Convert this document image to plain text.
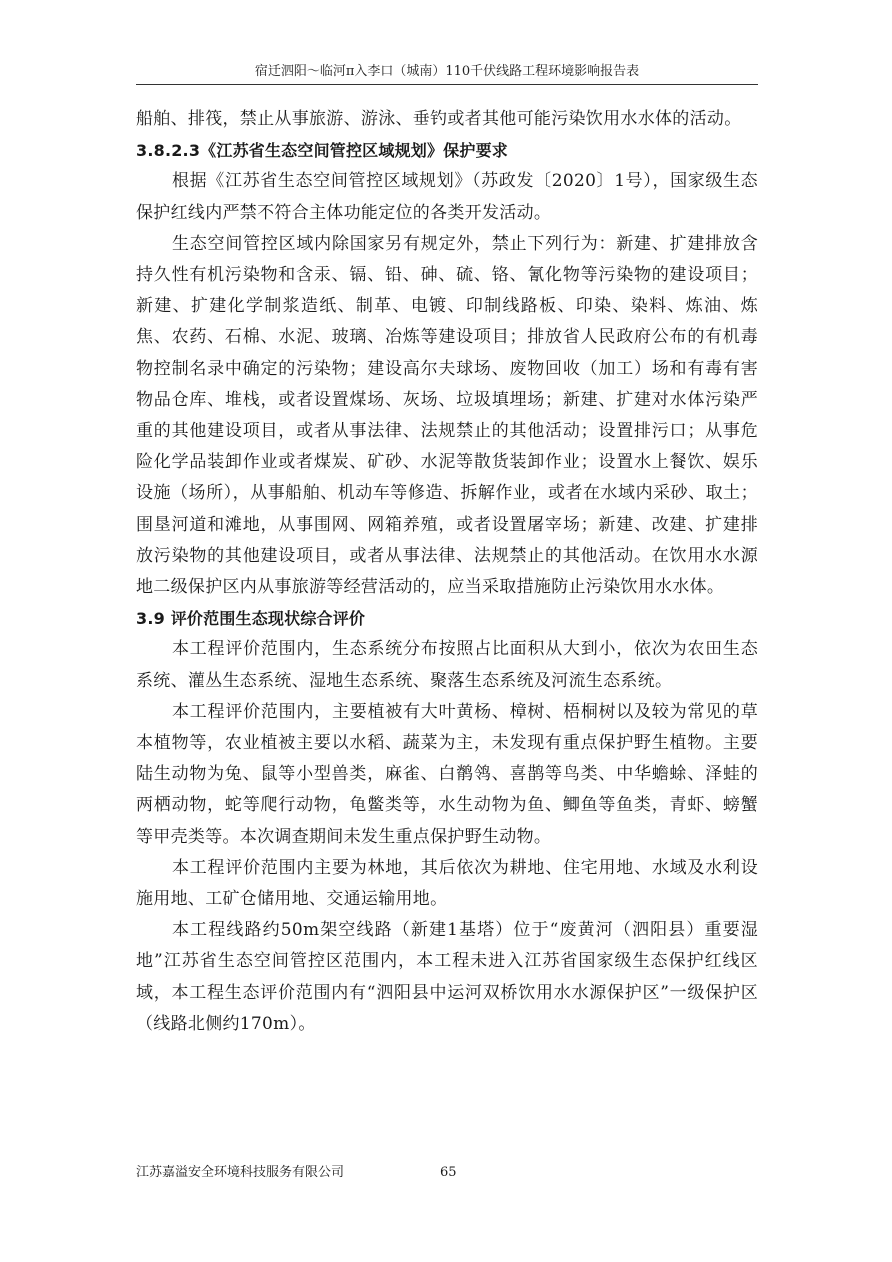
宿迁泗阳～临河π入李口（城南）110千伏线路工程环境影响报告表

船舶、排筏，禁止从事旅游、游泳、垂钓或者其他可能污染饮用水水体的活动。

3.8.2.3《江苏省生态空间管控区域规划》保护要求

根据《江苏省生态空间管控区域规划》（苏政发〔2020〕1号），国家级生态保护红线内严禁不符合主体功能定位的各类开发活动。

生态空间管控区域内除国家另有规定外，禁止下列行为：新建、扩建排放含持久性有机污染物和含汞、镉、铅、砷、硫、铬、氰化物等污染物的建设项目；新建、扩建化学制浆造纸、制革、电镀、印制线路板、印染、染料、炼油、炼焦、农药、石棉、水泥、玻璃、冶炼等建设项目；排放省人民政府公布的有机毒物控制名录中确定的污染物；建设高尔夫球场、废物回收（加工）场和有毒有害物品仓库、堆栈，或者设置煤场、灰场、垃圾填埋场；新建、扩建对水体污染严重的其他建设项目，或者从事法律、法规禁止的其他活动；设置排污口；从事危险化学品装卸作业或者煤炭、矿砂、水泥等散货装卸作业；设置水上餐饮、娱乐设施（场所），从事船舶、机动车等修造、拆解作业，或者在水域内采砂、取土；围垦河道和滩地，从事围网、网箱养殖，或者设置屠宰场；新建、改建、扩建排放污染物的其他建设项目，或者从事法律、法规禁止的其他活动。在饮用水水源地二级保护区内从事旅游等经营活动的，应当采取措施防止污染饮用水水体。

3.9 评价范围生态现状综合评价

本工程评价范围内，生态系统分布按照占比面积从大到小，依次为农田生态系统、灌丛生态系统、湿地生态系统、聚落生态系统及河流生态系统。

本工程评价范围内，主要植被有大叶黄杨、樟树、梧桐树以及较为常见的草本植物等，农业植被主要以水稻、蔬菜为主，未发现有重点保护野生植物。主要陆生动物为兔、鼠等小型兽类，麻雀、白鹡鸰、喜鹊等鸟类、中华蟾蜍、泽蛙的两栖动物，蛇等爬行动物，龟鳖类等，水生动物为鱼、鲫鱼等鱼类，青虾、螃蟹等甲壳类等。本次调查期间未发生重点保护野生动物。

本工程评价范围内主要为林地，其后依次为耕地、住宅用地、水域及水利设施用地、工矿仓储用地、交通运输用地。

本工程线路约50m架空线路（新建1基塔）位于“废黄河（泗阳县）重要湿地”江苏省生态空间管控区范围内，本工程未进入江苏省国家级生态保护红线区域，本工程生态评价范围内有“泗阳县中运河双桥饮用水水源保护区”一级保护区（线路北侧约170m）。

江苏嘉溢安全环境科技服务有限公司	65
